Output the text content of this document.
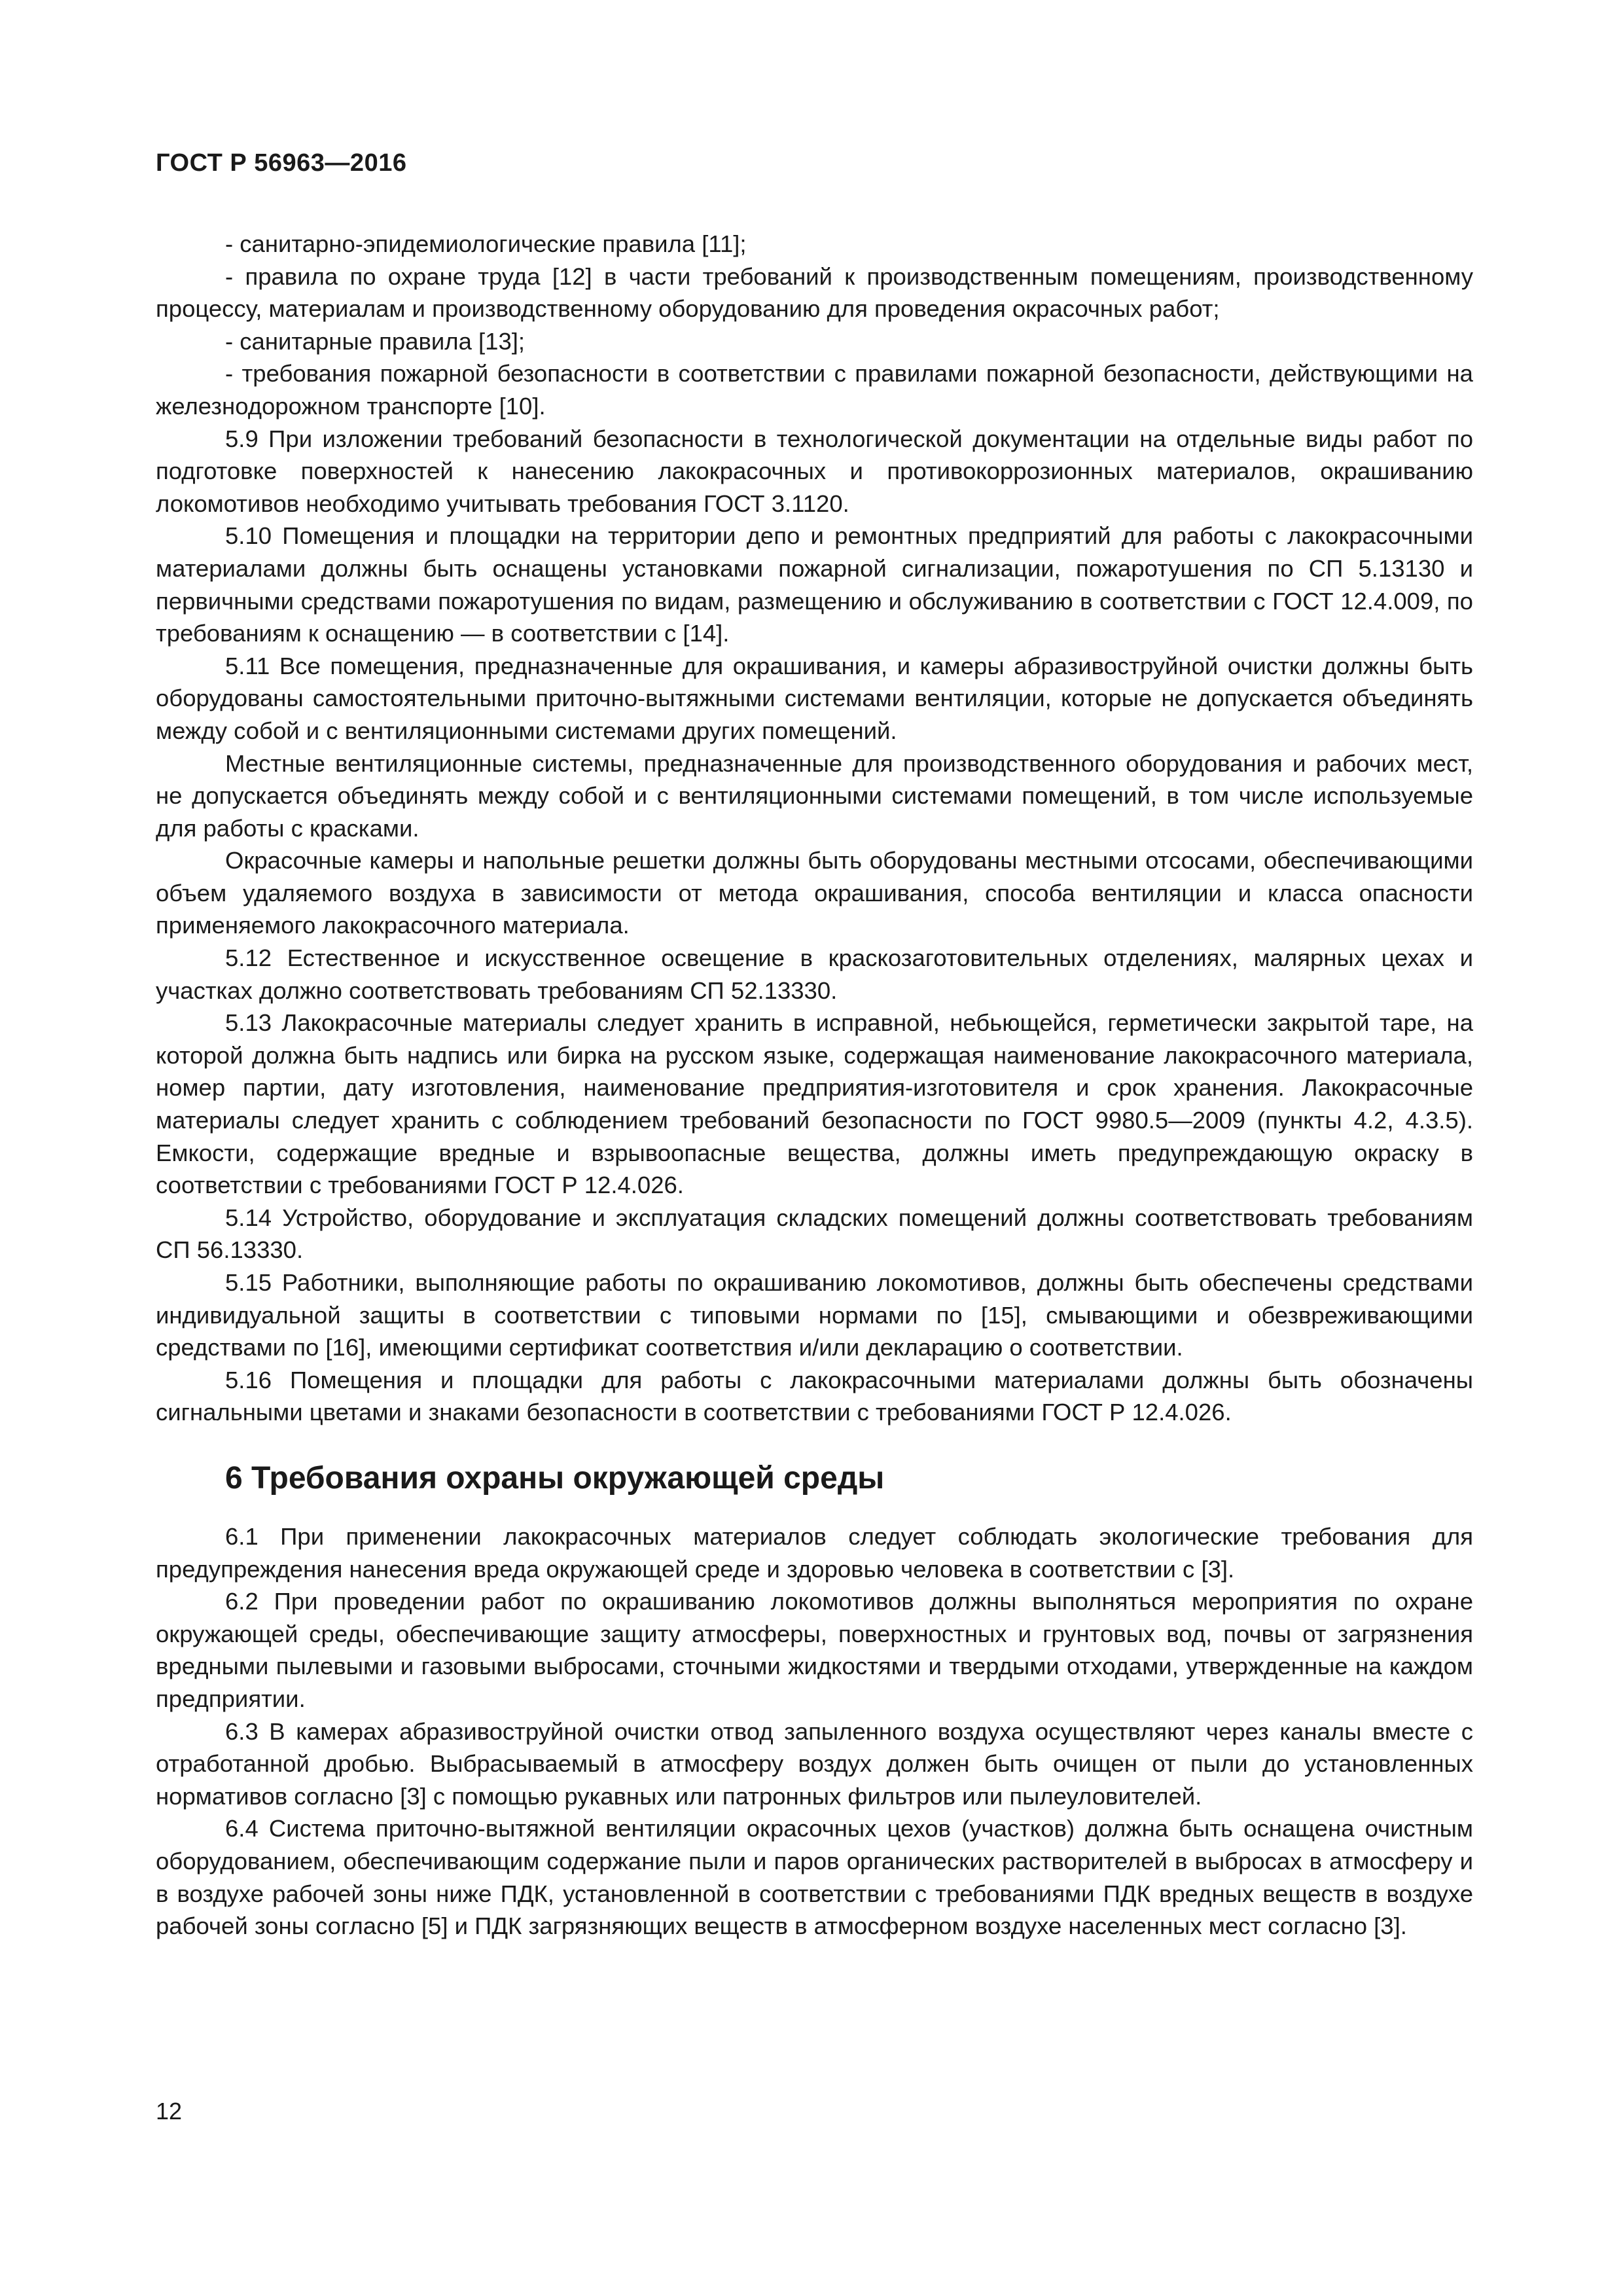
ГОСТ Р 56963—2016

- санитарно-эпидемиологические правила [11];

- правила по охране труда [12] в части требований к производственным помещениям, производственному процессу, материалам и производственному оборудованию для проведения окрасочных работ;

- санитарные правила [13];

- требования пожарной безопасности в соответствии с правилами пожарной безопасности, действующими на железнодорожном транспорте [10].

5.9 При изложении требований безопасности в технологической документации на отдельные виды работ по подготовке поверхностей к нанесению лакокрасочных и противокоррозионных материалов, окрашиванию локомотивов необходимо учитывать требования ГОСТ 3.1120.

5.10 Помещения и площадки на территории депо и ремонтных предприятий для работы с лакокрасочными материалами должны быть оснащены установками пожарной сигнализации, пожаротушения по СП 5.13130 и первичными средствами пожаротушения по видам, размещению и обслуживанию в соответствии с ГОСТ 12.4.009, по требованиям к оснащению — в соответствии с [14].

5.11 Все помещения, предназначенные для окрашивания, и камеры абразивоструйной очистки должны быть оборудованы самостоятельными приточно-вытяжными системами вентиляции, которые не допускается объединять между собой и с вентиляционными системами других помещений.

Местные вентиляционные системы, предназначенные для производственного оборудования и рабочих мест, не допускается объединять между собой и с вентиляционными системами помещений, в том числе используемые для работы с красками.

Окрасочные камеры и напольные решетки должны быть оборудованы местными отсосами, обеспечивающими объем удаляемого воздуха в зависимости от метода окрашивания, способа вентиляции и класса опасности применяемого лакокрасочного материала.

5.12 Естественное и искусственное освещение в краскозаготовительных отделениях, малярных цехах и участках должно соответствовать требованиям СП 52.13330.

5.13 Лакокрасочные материалы следует хранить в исправной, небьющейся, герметически закрытой таре, на которой должна быть надпись или бирка на русском языке, содержащая наименование лакокрасочного материала, номер партии, дату изготовления, наименование предприятия-изготовителя и срок хранения. Лакокрасочные материалы следует хранить с соблюдением требований безопасности по ГОСТ 9980.5—2009 (пункты 4.2, 4.3.5). Емкости, содержащие вредные и взрывоопасные вещества, должны иметь предупреждающую окраску в соответствии с требованиями ГОСТ Р 12.4.026.

5.14 Устройство, оборудование и эксплуатация складских помещений должны соответствовать требованиям СП 56.13330.

5.15 Работники, выполняющие работы по окрашиванию локомотивов, должны быть обеспечены средствами индивидуальной защиты в соответствии с типовыми нормами по [15], смывающими и обезвреживающими средствами по [16], имеющими сертификат соответствия и/или декларацию о соответствии.

5.16 Помещения и площадки для работы с лакокрасочными материалами должны быть обозначены сигнальными цветами и знаками безопасности в соответствии с требованиями ГОСТ Р 12.4.026.

6 Требования охраны окружающей среды

6.1 При применении лакокрасочных материалов следует соблюдать экологические требования для предупреждения нанесения вреда окружающей среде и здоровью человека в соответствии с [3].

6.2 При проведении работ по окрашиванию локомотивов должны выполняться мероприятия по охране окружающей среды, обеспечивающие защиту атмосферы, поверхностных и грунтовых вод, почвы от загрязнения вредными пылевыми и газовыми выбросами, сточными жидкостями и твердыми отходами, утвержденные на каждом предприятии.

6.3 В камерах абразивоструйной очистки отвод запыленного воздуха осуществляют через каналы вместе с отработанной дробью. Выбрасываемый в атмосферу воздух должен быть очищен от пыли до установленных нормативов согласно [3] с помощью рукавных или патронных фильтров или пылеуловителей.

6.4 Система приточно-вытяжной вентиляции окрасочных цехов (участков) должна быть оснащена очистным оборудованием, обеспечивающим содержание пыли и паров органических растворителей в выбросах в атмосферу и в воздухе рабочей зоны ниже ПДК, установленной в соответствии с требованиями ПДК вредных веществ в воздухе рабочей зоны согласно [5] и ПДК загрязняющих веществ в атмосферном воздухе населенных мест согласно [3].

12
